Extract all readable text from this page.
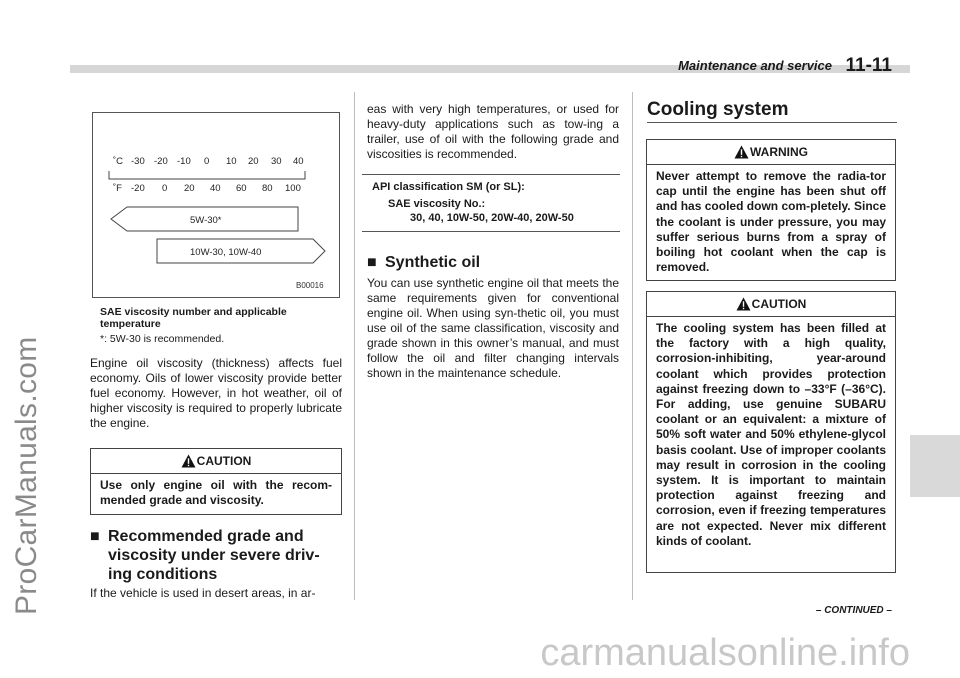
Maintenance and service 11-11
ProCarManuals.com
carmanualsonline.info
˚C -30 -20 -10 0 10 20 30 40
˚F -20 0 20 40 60 80 100
5W-30*
10W-30, 10W-40
B00016
SAE viscosity number and applicable temperature
*: 5W-30 is recommended.
Engine oil viscosity (thickness) affects fuel economy. Oils of lower viscosity provide better fuel economy. However, in hot weather, oil of higher viscosity is required to properly lubricate the engine.
CAUTION
Use only engine oil with the recom-mended grade and viscosity.
■ Recommended grade and viscosity under severe driv-ing conditions
If the vehicle is used in desert areas, in ar-
eas with very high temperatures, or used for heavy-duty applications such as tow-ing a trailer, use of oil with the following grade and viscosities is recommended.
API classification SM (or SL):
SAE viscosity No.:
30, 40, 10W-50, 20W-40, 20W-50
■ Synthetic oil
You can use synthetic engine oil that meets the same requirements given for conventional engine oil. When using syn-thetic oil, you must use oil of the same classification, viscosity and grade shown in this owner’s manual, and must follow the oil and filter changing intervals shown in the maintenance schedule.
Cooling system
WARNING
Never attempt to remove the radia-tor cap until the engine has been shut off and has cooled down com-pletely. Since the coolant is under pressure, you may suffer serious burns from a spray of boiling hot coolant when the cap is removed.
CAUTION
The cooling system has been filled at the factory with a high quality, corrosion-inhibiting, year-around coolant which provides protection against freezing down to –33°F (–36°C). For adding, use genuine SUBARU coolant or an equivalent: a mixture of 50% soft water and 50% ethylene-glycol basis coolant. Use of improper coolants may result in corrosion in the cooling system. It is important to maintain protection against freezing and corrosion, even if freezing temperatures are not expected. Never mix different kinds of coolant.
– CONTINUED –
